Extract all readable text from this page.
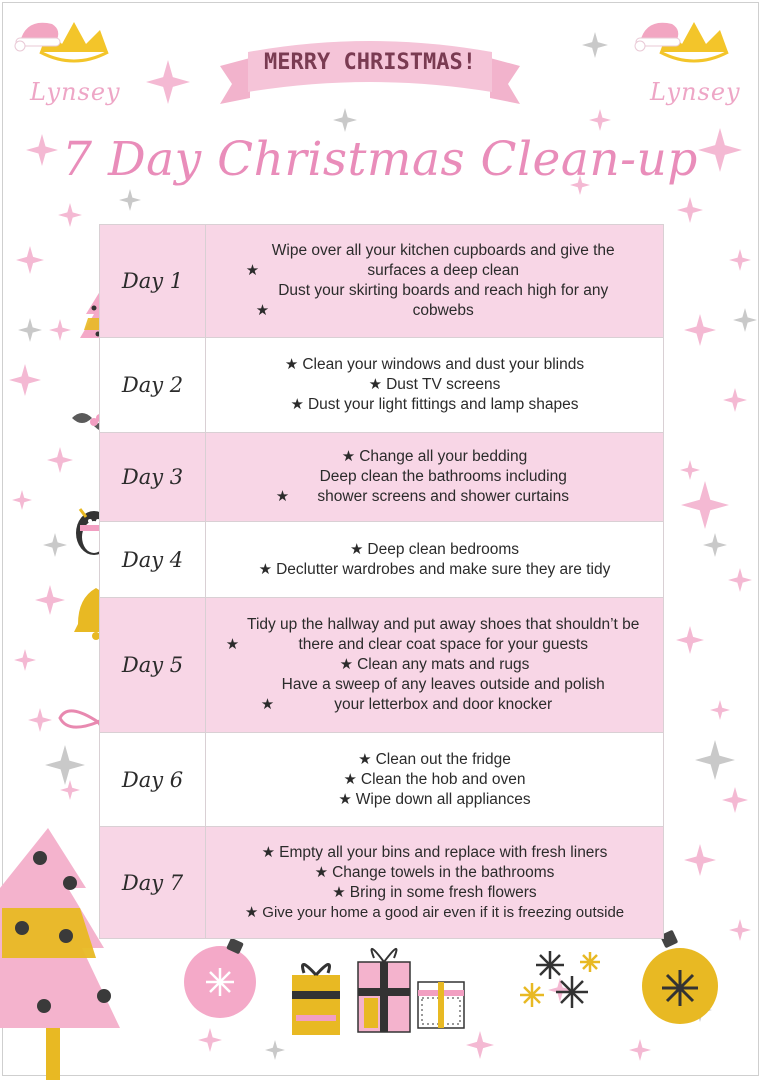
Lynsey	Lynsey
MERRY CHRISTMAS!
7 Day Christmas Clean-up
Day 1	★Wipe over all your kitchen cupboards and give the surfaces a deep clean
★Dust your skirting boards and reach high for any cobwebs

Day 2	★ Clean your windows and dust your blinds
★ Dust TV screens
★ Dust your light fittings and lamp shapes

Day 3	★ Change all your bedding
★Deep clean the bathrooms including shower screens and shower curtains

Day 4	★ Deep clean bedrooms
★ Declutter wardrobes and make sure they are tidy

Day 5	★Tidy up the hallway and put away shoes that shouldn’t be there and clear coat space for your guests
★ Clean any mats and rugs
★Have a sweep of any leaves outside and polish your letterbox and door knocker

Day 6	★ Clean out the fridge
★ Clean the hob and oven
★ Wipe down all appliances

Day 7	★ Empty all your bins and replace with fresh liners
★ Change towels in the bathrooms
★ Bring in some fresh flowers
★ Give your home a good air even if it is freezing outside
